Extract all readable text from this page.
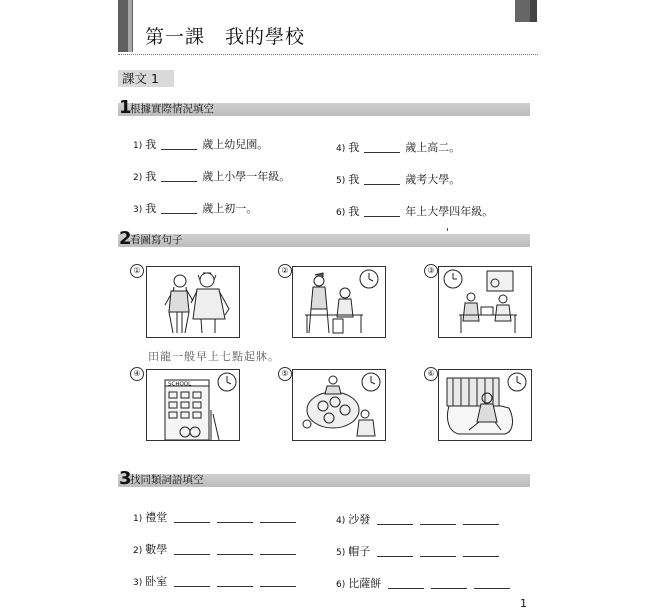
第一課　我的學校
課文 1
1
根據實際情況填空
1) 我	歲上幼兒園。
2) 我	歲上小學一年級。
3) 我	歲上初一。
4) 我	歲上高二。
5) 我	歲考大學。
6) 我	年上大學四年級。
2
看圖寫句子
①	②	③
田龍一般早上七點起牀。
SCHOOL
④	⑤	⑥
3
找同類詞語填空
1) 禮堂
2) 數學
3) 卧室
4) 沙發
5) 帽子
6) 比薩餅
1
